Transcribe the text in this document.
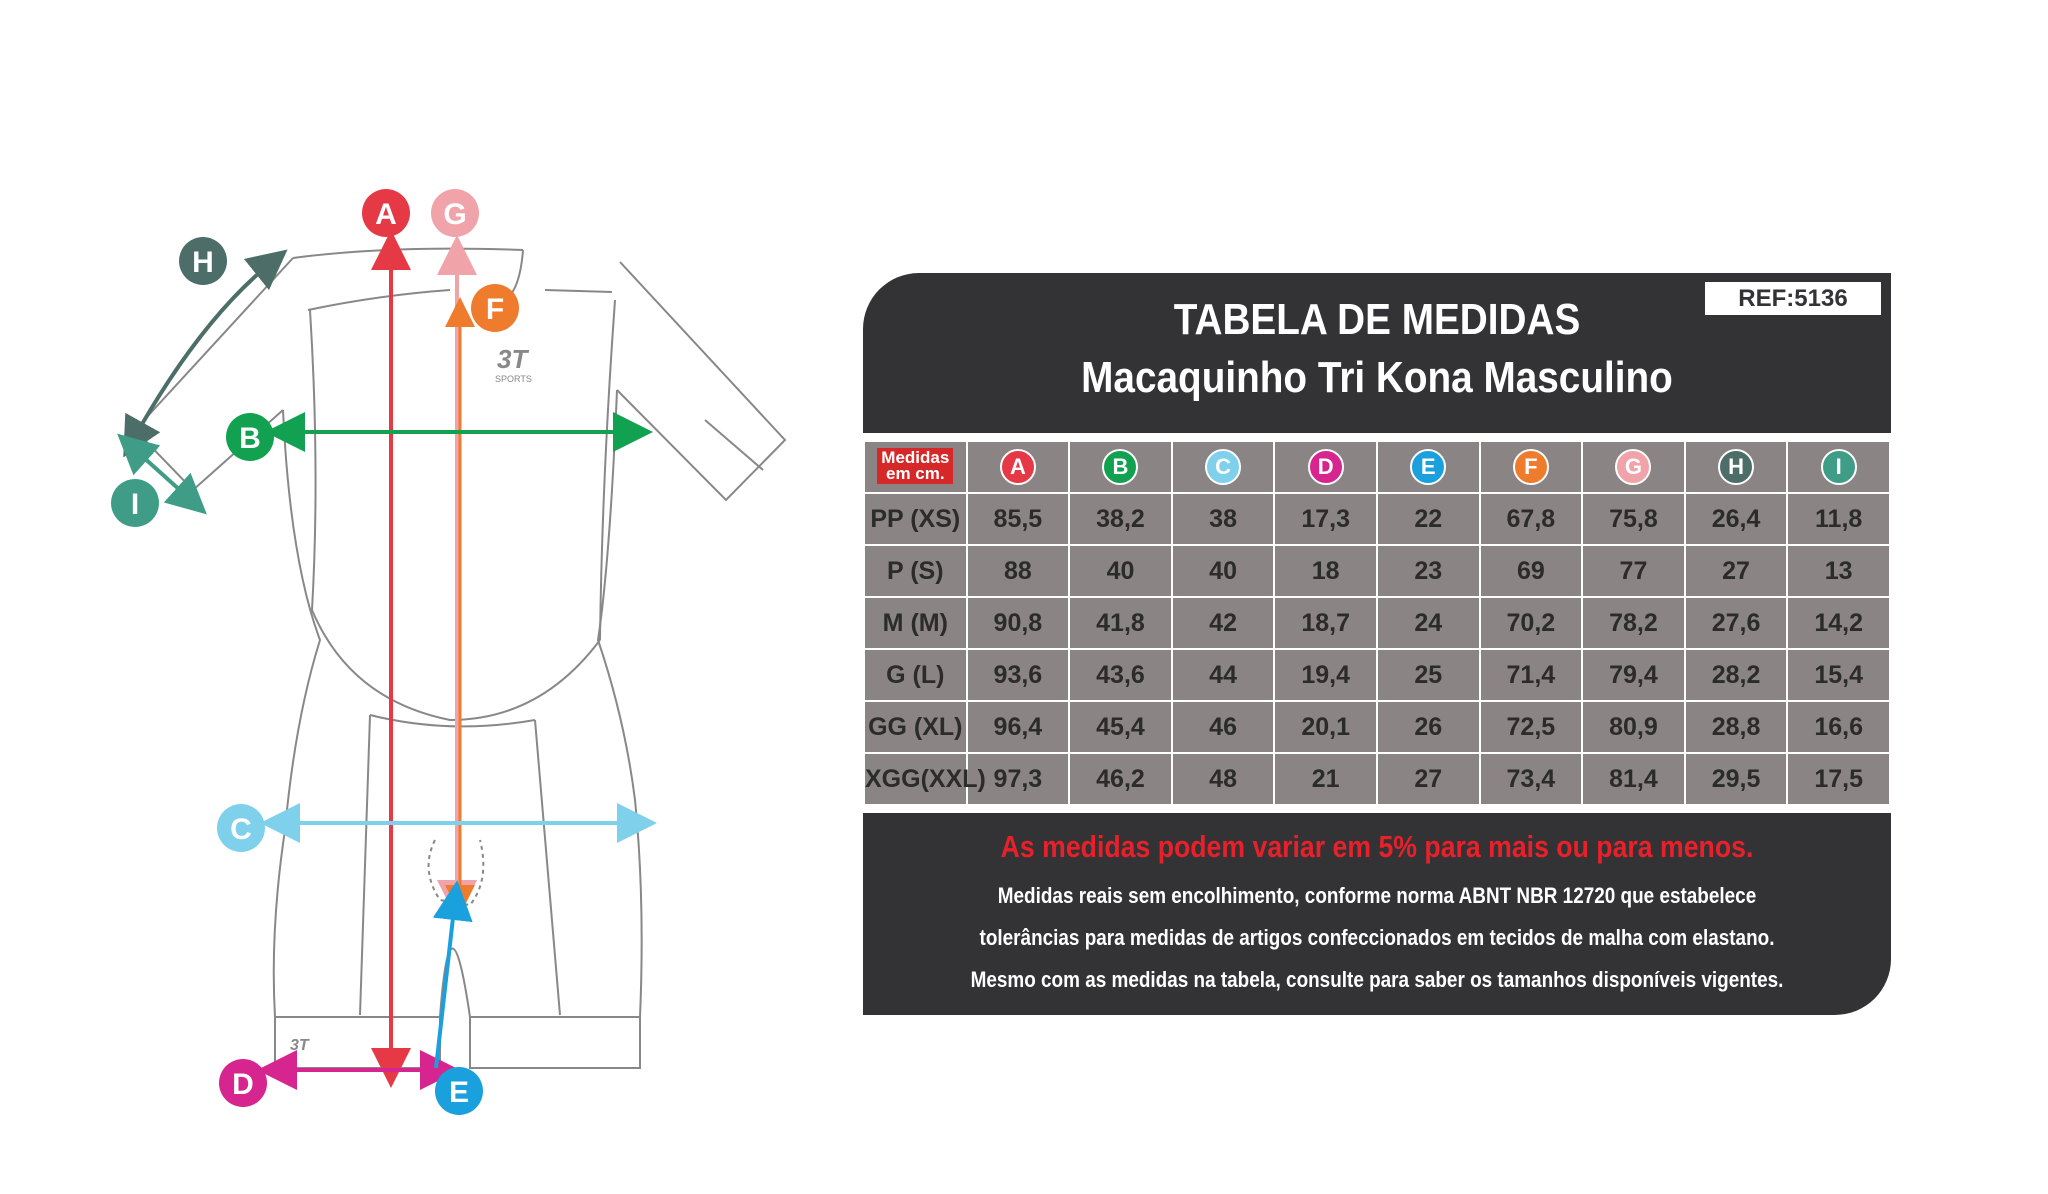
3T
SPORTS
3T
A G
F
H
B
I
C
D	E
REF:5136
TABELA DE MEDIDAS
Macaquinho Tri Kona Masculino
Medidas
em cm.	A	B	C	D	E	F	G	H	I
PP (XS)	85,5	38,2	38	17,3	22	67,8	75,8	26,4	11,8
P (S)	88	40	40	18	23	69	77	27	13
M (M)	90,8	41,8	42	18,7	24	70,2	78,2	27,6	14,2
G (L)	93,6	43,6	44	19,4	25	71,4	79,4	28,2	15,4
GG (XL)	96,4	45,4	46	20,1	26	72,5	80,9	28,8	16,6
XGG(XXL)	97,3	46,2	48	21	27	73,4	81,4	29,5	17,5
As medidas podem variar em 5% para mais ou para menos.
Medidas reais sem encolhimento, conforme norma ABNT NBR 12720 que estabelece
tolerâncias para medidas de artigos confeccionados em tecidos de malha com elastano.
Mesmo com as medidas na tabela, consulte para saber os tamanhos disponíveis vigentes.
